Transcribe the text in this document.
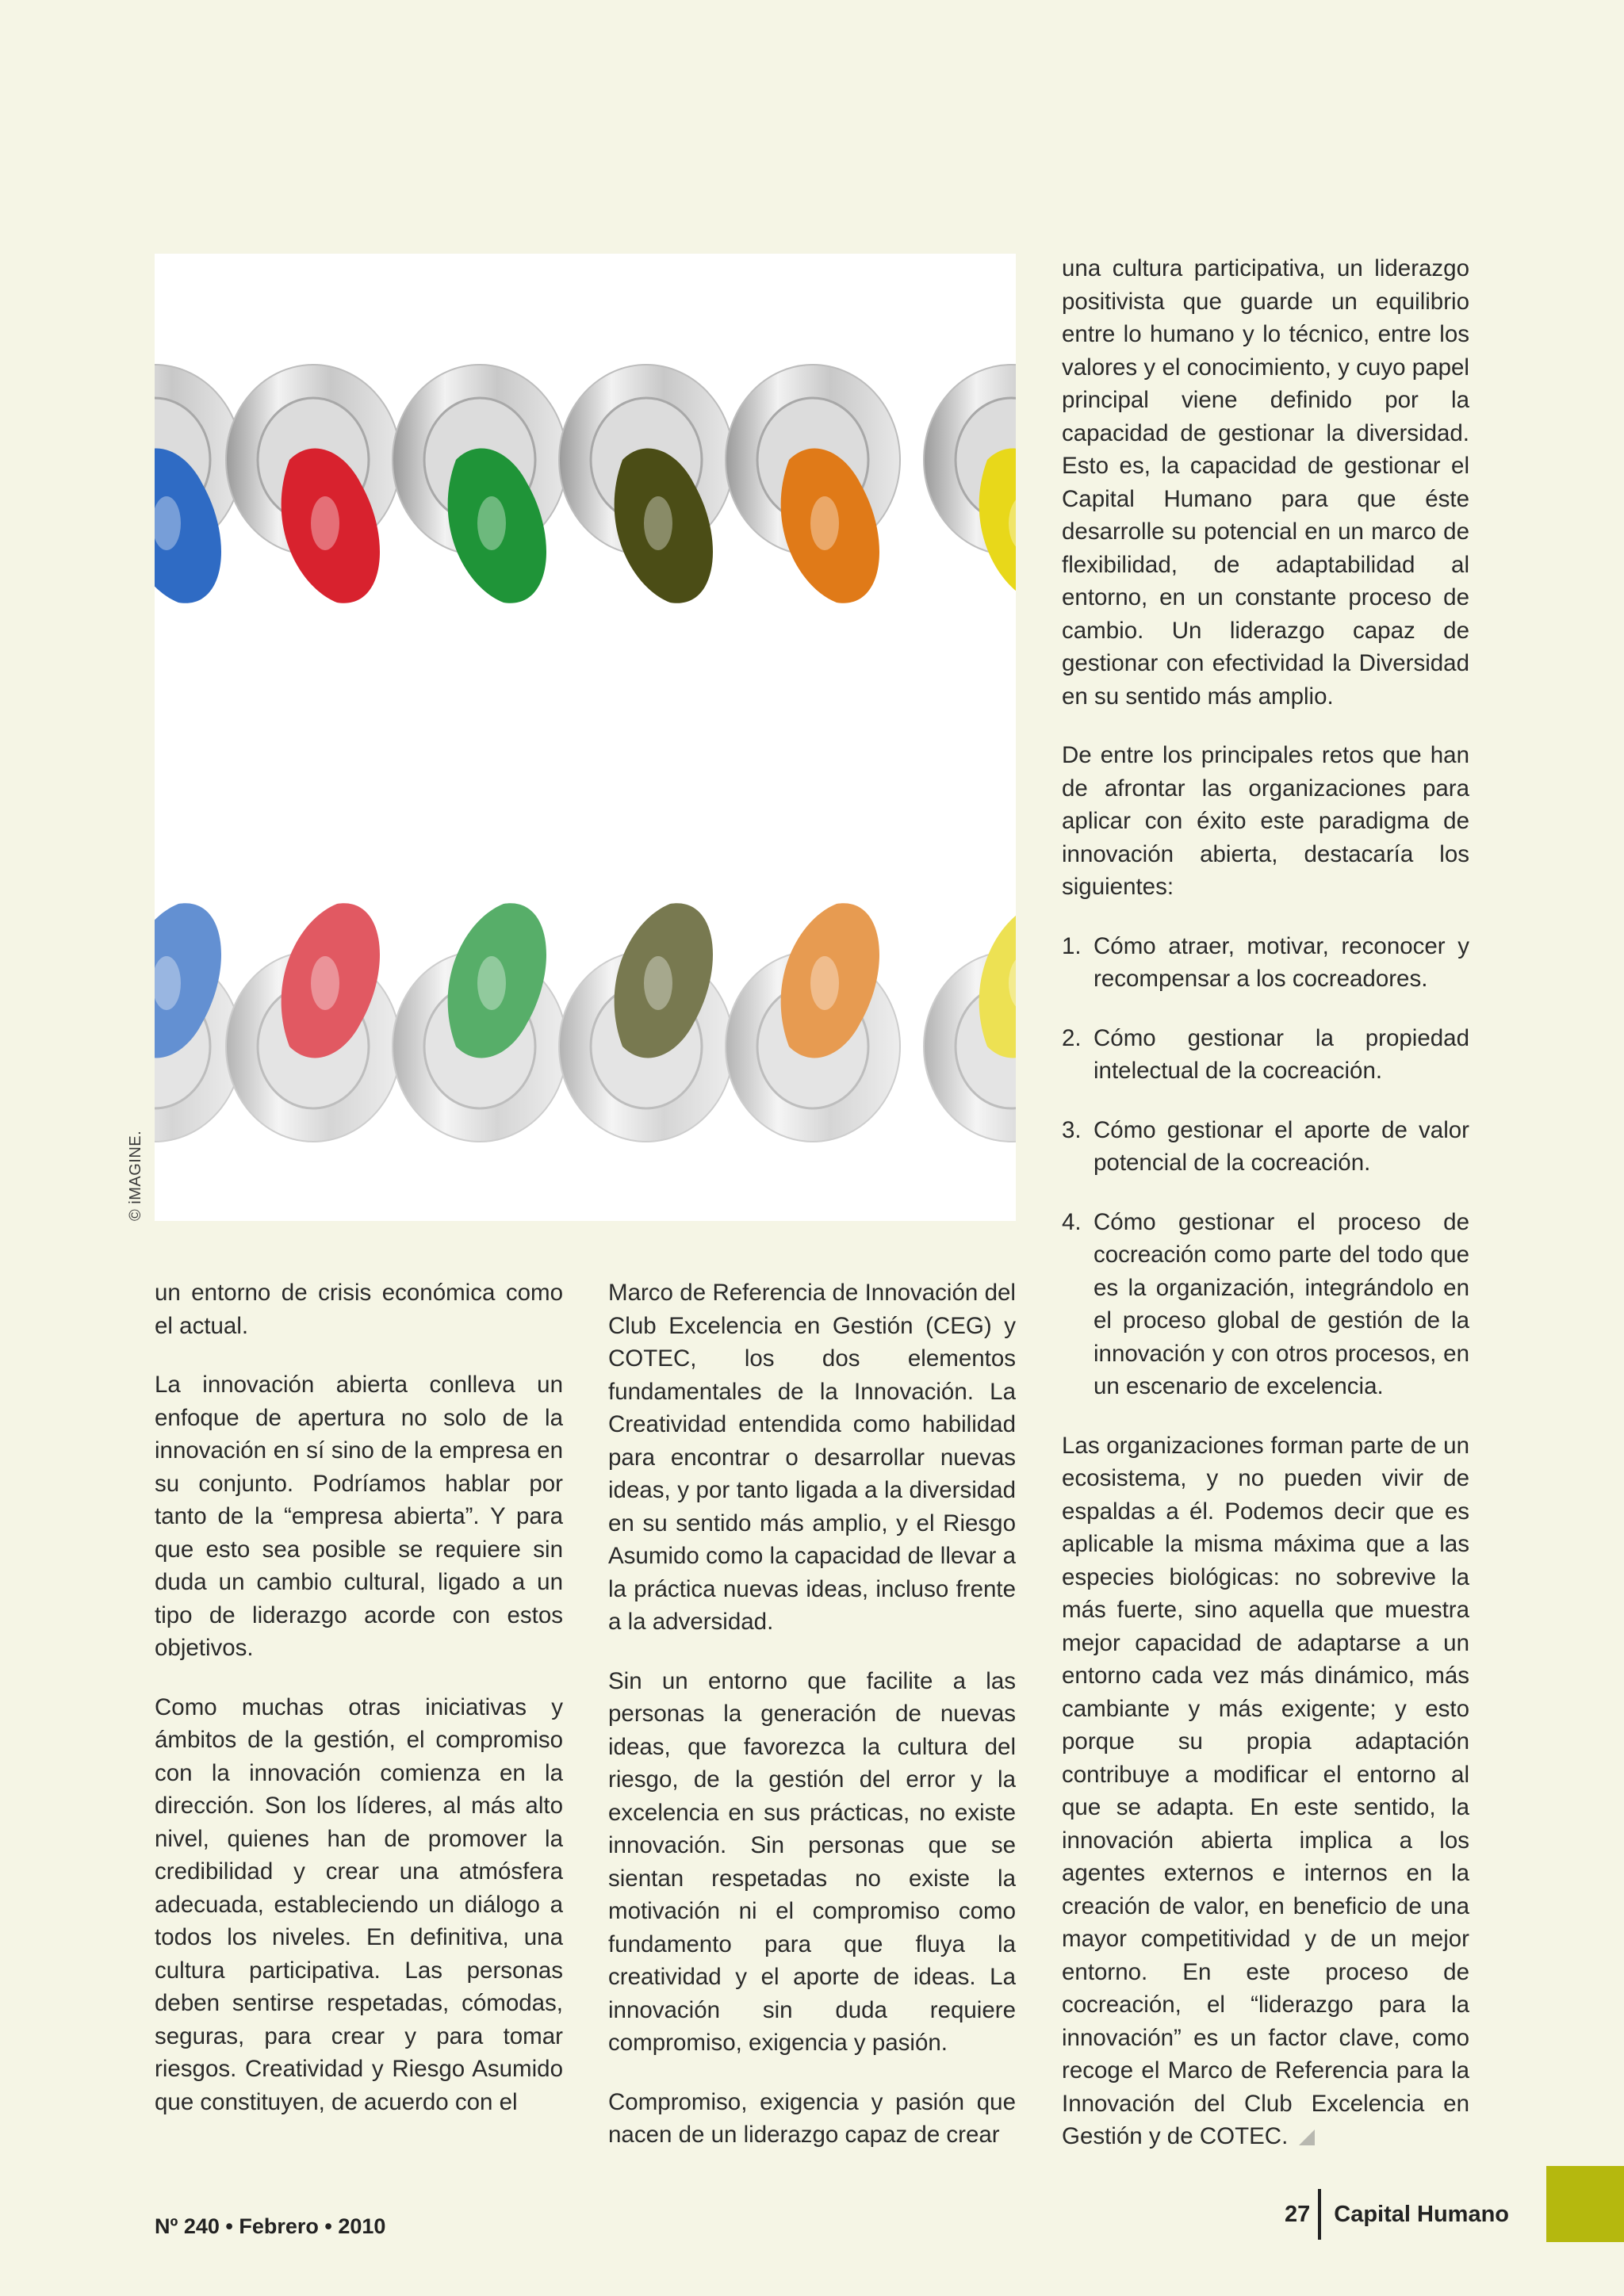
© iMAGINE.

un entorno de crisis económica como el actual.

La innovación abierta conlleva un enfoque de apertura no solo de la innovación en sí sino de la empresa en su conjunto. Podríamos hablar por tanto de la “empresa abierta”. Y para que esto sea posible se requiere sin duda un cambio cultural, ligado a un tipo de liderazgo acorde con estos objetivos.

Como muchas otras iniciativas y ámbitos de la gestión, el compromiso con la innovación comienza en la dirección. Son los líderes, al más alto nivel, quienes han de promover la credibilidad y crear una atmósfera adecuada, estableciendo un diálogo a todos los niveles. En definitiva, una cultura participativa. Las personas deben sentirse respetadas, cómodas, seguras, para crear y para tomar riesgos. Creatividad y Riesgo Asumido que constituyen, de acuerdo con el

Marco de Referencia de Innovación del Club Excelencia en Gestión (CEG) y COTEC, los dos elementos fundamentales de la Innovación. La Creatividad entendida como habilidad para encontrar o desarrollar nuevas ideas, y por tanto ligada a la diversidad en su sentido más amplio, y el Riesgo Asumido como la capacidad de llevar a la práctica nuevas ideas, incluso frente a la adversidad.

Sin un entorno que facilite a las personas la generación de nuevas ideas, que favorezca la cultura del riesgo, de la gestión del error y la excelencia en sus prácticas, no existe innovación. Sin personas que se sientan respetadas no existe la motivación ni el compromiso como fundamento para que fluya la creatividad y el aporte de ideas. La innovación sin duda requiere compromiso, exigencia y pasión.

Compromiso, exigencia y pasión que nacen de un liderazgo capaz de crear

una cultura participativa, un liderazgo positivista que guarde un equilibrio entre lo humano y lo técnico, entre los valores y el conocimiento, y cuyo papel principal viene definido por la capacidad de gestionar la diversidad. Esto es, la capacidad de gestionar el Capital Humano para que éste desarrolle su potencial en un marco de flexibilidad, de adaptabilidad al entorno, en un constante proceso de cambio. Un liderazgo capaz de gestionar con efectividad la Diversidad en su sentido más amplio.

De entre los principales retos que han de afrontar las organizaciones para aplicar con éxito este paradigma de innovación abierta, destacaría los siguientes:

1. Cómo atraer, motivar, reconocer y recompensar a los cocreadores.
2. Cómo gestionar la propiedad intelectual de la cocreación.
3. Cómo gestionar el aporte de valor potencial de la cocreación.
4. Cómo gestionar el proceso de cocreación como parte del todo que es la organización, integrándolo en el proceso global de gestión de la innovación y con otros procesos, en un escenario de excelencia.

Las organizaciones forman parte de un ecosistema, y no pueden vivir de espaldas a él. Podemos decir que es aplicable la misma máxima que a las especies biológicas: no sobrevive la más fuerte, sino aquella que muestra mejor capacidad de adaptarse a un entorno cada vez más dinámico, más cambiante y más exigente; y esto porque su propia adaptación contribuye a modificar el entorno al que se adapta. En este sentido, la innovación abierta implica a los agentes externos e internos en la creación de valor, en beneficio de una mayor competitividad y de un mejor entorno. En este proceso de cocreación, el “liderazgo para la innovación” es un factor clave, como recoge el Marco de Referencia para la Innovación del Club Excelencia en Gestión y de COTEC.

Nº 240 • Febrero • 2010	27 Capital Humano
